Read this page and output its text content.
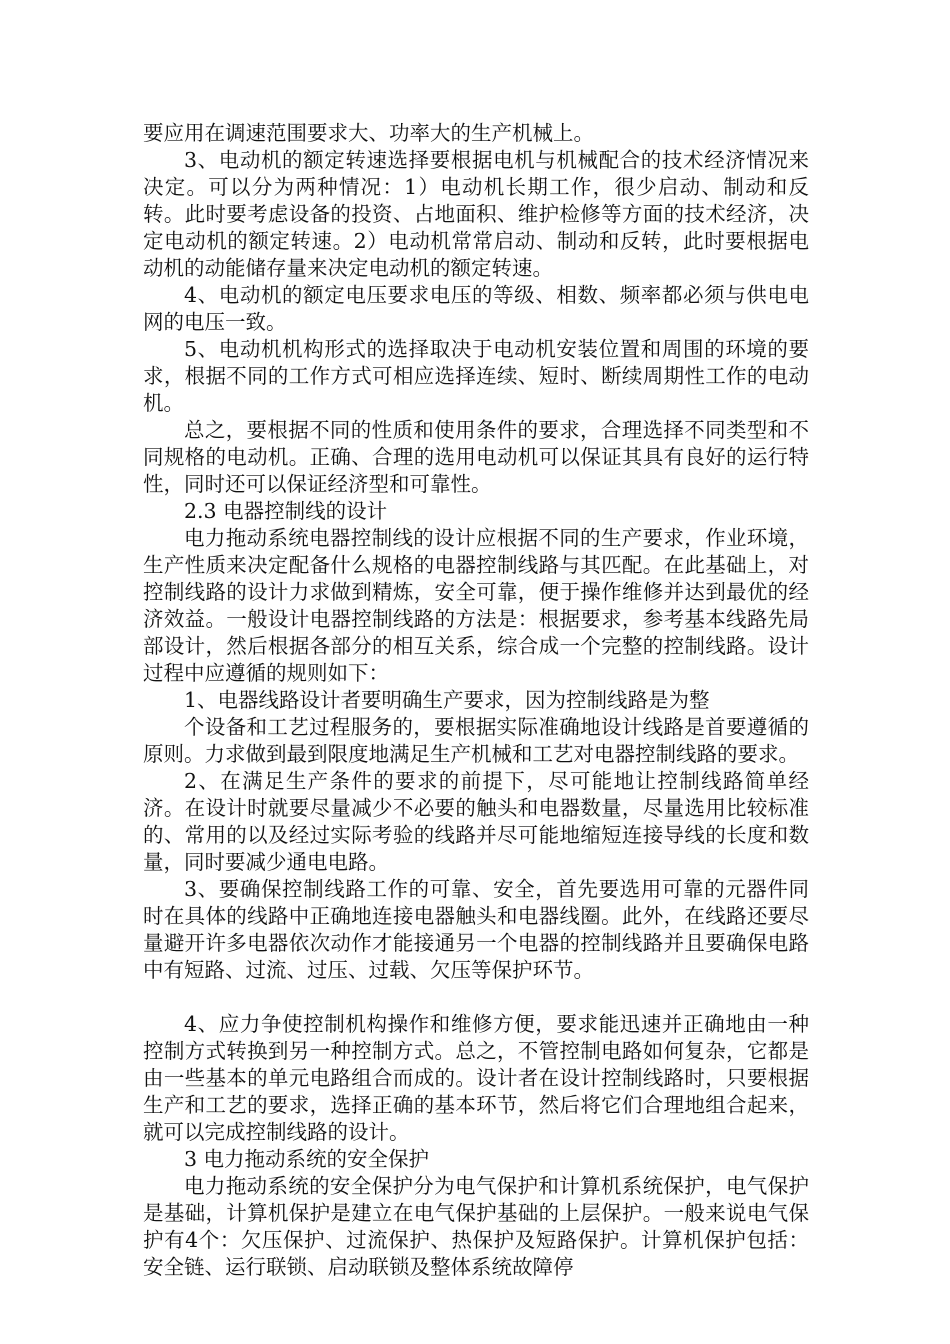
要应用在调速范围要求大、功率大的生产机械上。

3、电动机的额定转速选择要根据电机与机械配合的技术经济情况来决定。可以分为两种情况：1）电动机长期工作，很少启动、制动和反转。此时要考虑设备的投资、占地面积、维护检修等方面的技术经济，决定电动机的额定转速。2）电动机常常启动、制动和反转，此时要根据电动机的动能储存量来决定电动机的额定转速。

4、电动机的额定电压要求电压的等级、相数、频率都必须与供电电网的电压一致。

5、电动机机构形式的选择取决于电动机安装位置和周围的环境的要求，根据不同的工作方式可相应选择连续、短时、断续周期性工作的电动机。

总之，要根据不同的性质和使用条件的要求，合理选择不同类型和不同规格的电动机。正确、合理的选用电动机可以保证其具有良好的运行特性，同时还可以保证经济型和可靠性。

2.3 电器控制线的设计

电力拖动系统电器控制线的设计应根据不同的生产要求，作业环境，生产性质来决定配备什么规格的电器控制线路与其匹配。在此基础上，对控制线路的设计力求做到精炼，安全可靠，便于操作维修并达到最优的经济效益。一般设计电器控制线路的方法是：根据要求，参考基本线路先局部设计，然后根据各部分的相互关系，综合成一个完整的控制线路。设计过程中应遵循的规则如下：

1、电器线路设计者要明确生产要求，因为控制线路是为整

个设备和工艺过程服务的，要根据实际准确地设计线路是首要遵循的原则。力求做到最到限度地满足生产机械和工艺对电器控制线路的要求。

2、在满足生产条件的要求的前提下，尽可能地让控制线路简单经济。在设计时就要尽量减少不必要的触头和电器数量，尽量选用比较标准的、常用的以及经过实际考验的线路并尽可能地缩短连接导线的长度和数量，同时要减少通电电路。

3、要确保控制线路工作的可靠、安全，首先要选用可靠的元器件同时在具体的线路中正确地连接电器触头和电器线圈。此外，在线路还要尽量避开许多电器依次动作才能接通另一个电器的控制线路并且要确保电路中有短路、过流、过压、过载、欠压等保护环节。

4、应力争使控制机构操作和维修方便，要求能迅速并正确地由一种控制方式转换到另一种控制方式。总之，不管控制电路如何复杂，它都是由一些基本的单元电路组合而成的。设计者在设计控制线路时，只要根据生产和工艺的要求，选择正确的基本环节，然后将它们合理地组合起来，就可以完成控制线路的设计。

3 电力拖动系统的安全保护

电力拖动系统的安全保护分为电气保护和计算机系统保护，电气保护是基础，计算机保护是建立在电气保护基础的上层保护。一般来说电气保护有4个：欠压保护、过流保护、热保护及短路保护。计算机保护包括：安全链、运行联锁、启动联锁及整体系统故障停
